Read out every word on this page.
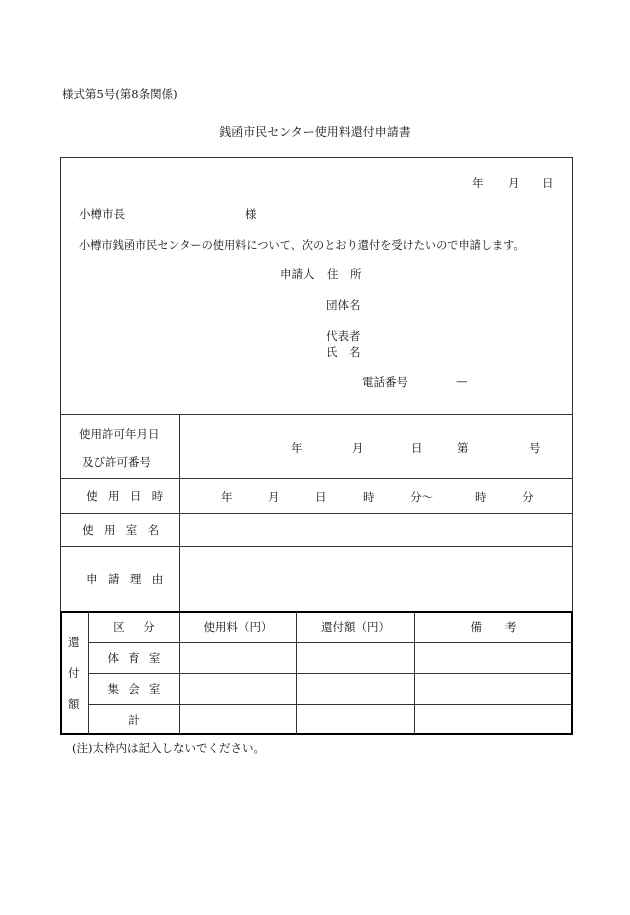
様式第5号(第8条関係)
銭函市民センター使用料還付申請書
年 月 日
小樽市長	様
小樽市銭函市民センターの使用料について、次のとおり還付を受けたいので申請します。
申請人 住　所
団体名
代表者
氏　名
電話番号	—
使用許可年月日
及び許可番号
年	月	日	第	号
使用日時	年	月	日	時	分～	時	分
使用室名
申請理由
還
付
額
区分	使用料（円）	還付額（円）	備　　考
体育室
集会室
計
(注)太枠内は記入しないでください。
